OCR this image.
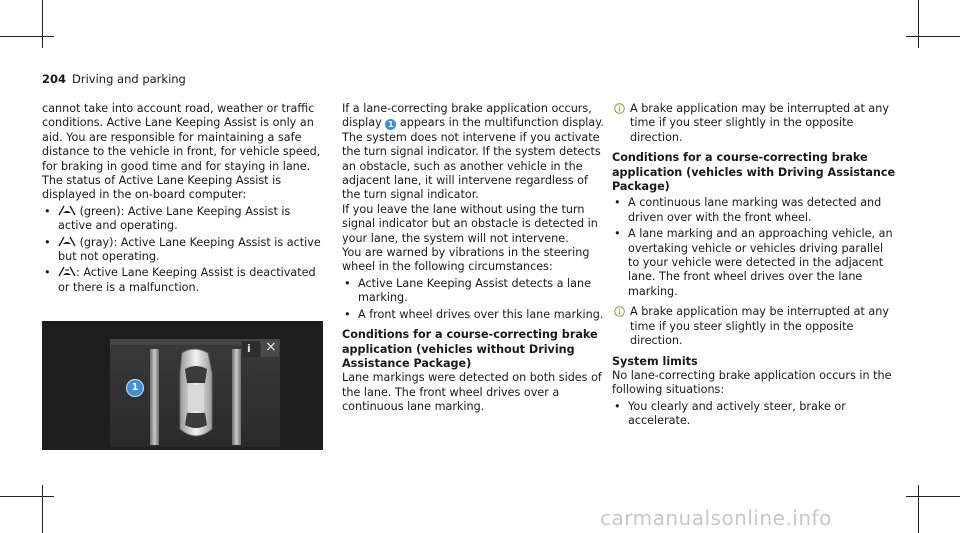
204 Driving and parking

cannot take into account road, weather or traffic conditions. Active Lane Keeping Assist is only an aid. You are responsible for maintaining a safe distance to the vehicle in front, for vehicle speed, for braking in good time and for staying in lane.

The status of Active Lane Keeping Assist is displayed in the on-board computer:

• (green): Active Lane Keeping Assist is active and operating.
• (gray): Active Lane Keeping Assist is active but not operating.
• : Active Lane Keeping Assist is deactivated or there is a malfunction.
i ×
1

If a lane-correcting brake application occurs, display 1 appears in the multifunction display.

The system does not intervene if you activate the turn signal indicator. If the system detects an obstacle, such as another vehicle in the adjacent lane, it will intervene regardless of the turn signal indicator.

If you leave the lane without using the turn signal indicator but an obstacle is detected in your lane, the system will not intervene.

You are warned by vibrations in the steering wheel in the following circumstances:

• Active Lane Keeping Assist detects a lane marking.
• A front wheel drives over this lane marking.
Conditions for a course-correcting brake application (vehicles without Driving Assistance Package)

Lane markings were detected on both sides of the lane. The front wheel drives over a continuous lane marking.

A brake application may be interrupted at any time if you steer slightly in the opposite direction.
Conditions for a course-correcting brake application (vehicles with Driving Assistance Package)
• A continuous lane marking was detected and driven over with the front wheel.
• A lane marking and an approaching vehicle, an overtaking vehicle or vehicles driving parallel to your vehicle were detected in the adjacent lane. The front wheel drives over the lane marking.
A brake application may be interrupted at any time if you steer slightly in the opposite direction.
System limits

No lane-correcting brake application occurs in the following situations:

• You clearly and actively steer, brake or accelerate.
carmanualsonline.info
